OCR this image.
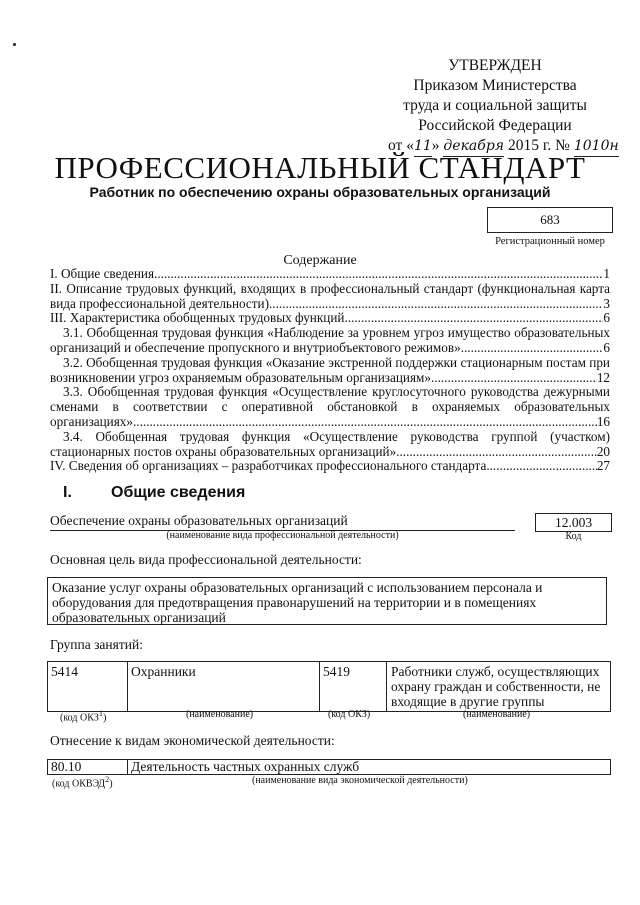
УТВЕРЖДЕН
Приказом Министерства
труда и социальной защиты
Российской Федерации
от «11» декабря 2015 г. № 1010н
ПРОФЕССИОНАЛЬНЫЙ СТАНДАРТ
Работник по обеспечению охраны образовательных организаций
683
Регистрационный номер
Содержание
I. Общие сведения .....	1
II. Описание трудовых функций, входящих в профессиональный стандарт (функциональная карта
вида профессиональной деятельности) .....	3
III. Характеристика обобщенных трудовых функций .....	6
3.1. Обобщенная трудовая функция «Наблюдение за уровнем угроз имущество образовательных
организаций и обеспечение пропускного и внутриобъектового режимов» .....	6
3.2. Обобщенная трудовая функция «Оказание экстренной поддержки стационарным постам при
возникновении угроз охраняемым образовательным организациям» .....	12
3.3. Обобщенная трудовая функция «Осуществление круглосуточного руководства дежурными
сменами в соответствии с оперативной обстановкой в охраняемых образовательных
организациях» .....	16
3.4. Обобщенная трудовая функция «Осуществление руководства группой (участком)
стационарных постов охраны образовательных организаций» .....	20
IV. Сведения об организациях – разработчиках профессионального стандарта .....	27
I. Общие сведения
Обеспечение охраны образовательных организаций
(наименование вида профессиональной деятельности)
12.003
Код
Основная цель вида профессиональной деятельности:
Оказание услуг охраны образовательных организаций с использованием персонала и оборудования для предотвращения правонарушений на территории и в помещениях образовательных организаций
Группа занятий:
5414	Охранники	5419	Работники служб, осуществляющих охрану граждан и собственности, не входящие в другие группы
(код ОКЗ$^1$)	(наименование)	(код ОКЗ)	(наименование)
Отнесение к видам экономической деятельности:
80.10	Деятельность частных охранных служб
(код ОКВЭД$^2$)	(наименование вида экономической деятельности)
